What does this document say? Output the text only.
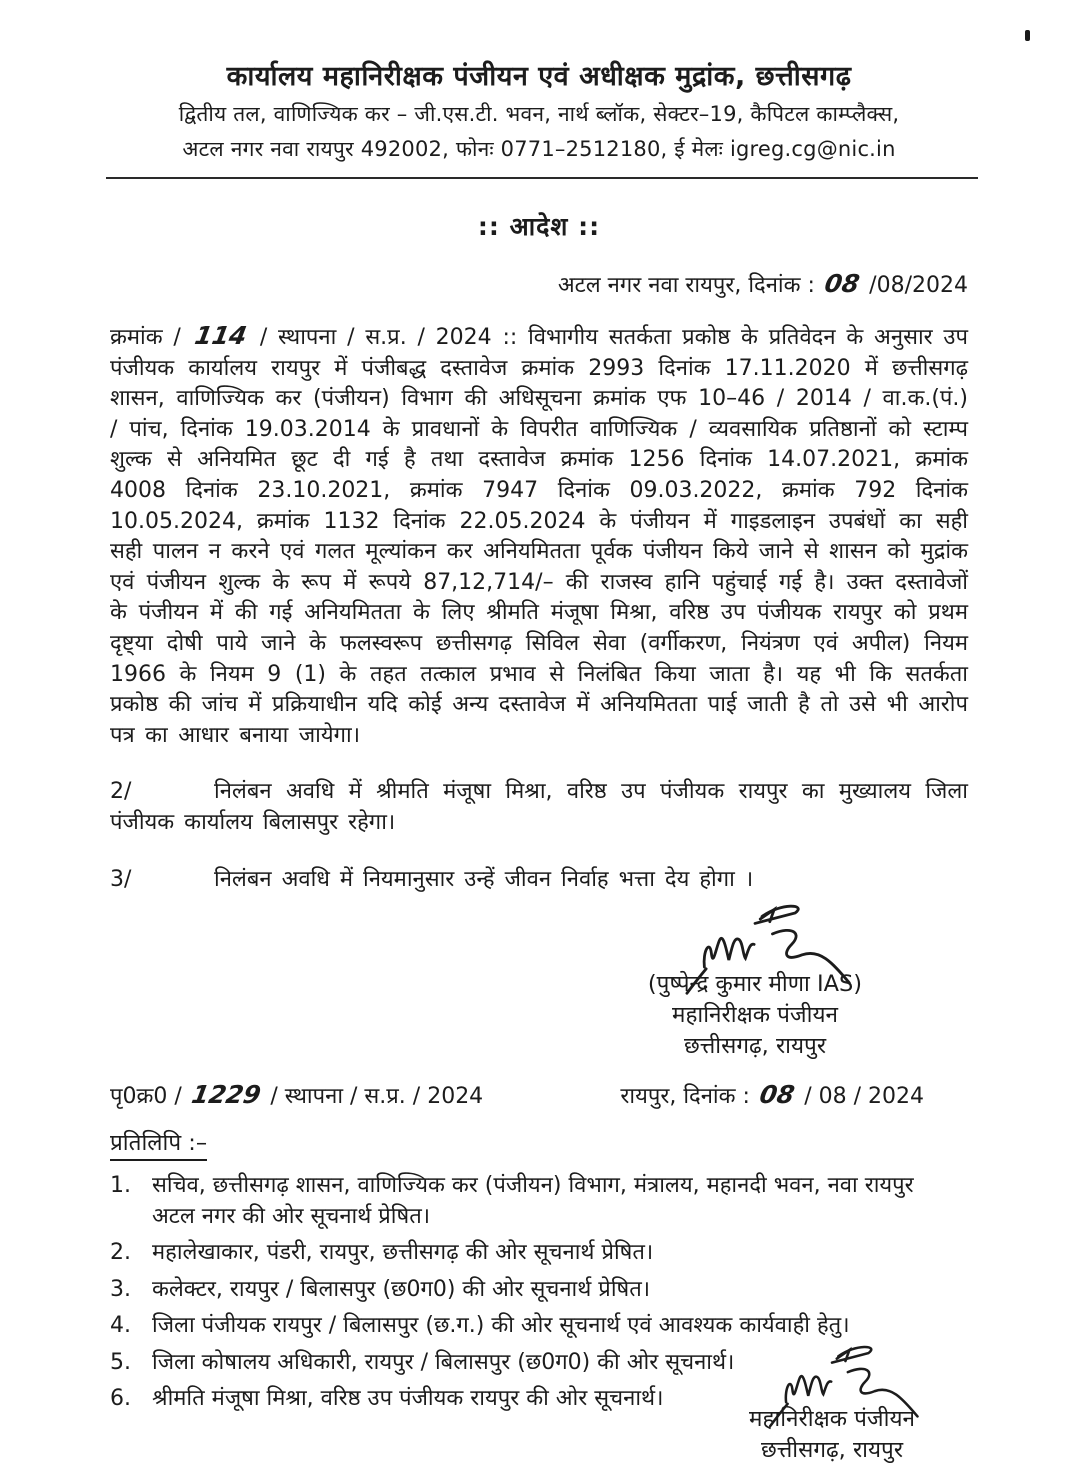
कार्यालय महानिरीक्षक पंजीयन एवं अधीक्षक मुद्रांक, छत्तीसगढ़
द्वितीय तल, वाणिज्यिक कर – जी.एस.टी. भवन, नार्थ ब्लॉक, सेक्टर–19, कैपिटल काम्प्लैक्स,
अटल नगर नवा रायपुर 492002, फोनः 0771–2512180, ई मेलः igreg.cg@nic.in
:: आदेश ::
अटल नगर नवा रायपुर, दिनांक : 08 /08/2024
क्रमांक / 114 / स्थापना / स.प्र. / 2024 :: विभागीय सतर्कता प्रकोष्ठ के प्रतिवेदन के अनुसार उप पंजीयक कार्यालय रायपुर में पंजीबद्ध दस्तावेज क्रमांक 2993 दिनांक 17.11.2020 में छत्तीसगढ़ शासन, वाणिज्यिक कर (पंजीयन) विभाग की अधिसूचना क्रमांक एफ 10–46 / 2014 / वा.क.(पं.) / पांच, दिनांक 19.03.2014 के प्रावधानों के विपरीत वाणिज्यिक / व्यवसायिक प्रतिष्ठानों को स्टाम्प शुल्क से अनियमित छूट दी गई है तथा दस्तावेज क्रमांक 1256 दिनांक 14.07.2021, क्रमांक 4008 दिनांक 23.10.2021, क्रमांक 7947 दिनांक 09.03.2022, क्रमांक 792 दिनांक 10.05.2024, क्रमांक 1132 दिनांक 22.05.2024 के पंजीयन में गाइडलाइन उपबंधों का सही सही पालन न करने एवं गलत मूल्यांकन कर अनियमितता पूर्वक पंजीयन किये जाने से शासन को मुद्रांक एवं पंजीयन शुल्क के रूप में रूपये 87,12,714/– की राजस्व हानि पहुंचाई गई है। उक्त दस्तावेजों के पंजीयन में की गई अनियमितता के लिए श्रीमति मंजूषा मिश्रा, वरिष्ठ उप पंजीयक रायपुर को प्रथम दृष्ट्या दोषी पाये जाने के फलस्वरूप छत्तीसगढ़ सिविल सेवा (वर्गीकरण, नियंत्रण एवं अपील) नियम 1966 के नियम 9 (1) के तहत तत्काल प्रभाव से निलंबित किया जाता है। यह भी कि सतर्कता प्रकोष्ठ की जांच में प्रक्रियाधीन यदि कोई अन्य दस्तावेज में अनियमितता पाई जाती है तो उसे भी आरोप पत्र का आधार बनाया जायेगा।
2/	निलंबन अवधि में श्रीमति मंजूषा मिश्रा, वरिष्ठ उप पंजीयक रायपुर का मुख्यालय जिला पंजीयक कार्यालय बिलासपुर रहेगा।
3/	निलंबन अवधि में नियमानुसार उन्हें जीवन निर्वाह भत्ता देय होगा ।
(पुष्पेन्द्र कुमार मीणा IAS)
महानिरीक्षक पंजीयन
छत्तीसगढ़, रायपुर
पृ0क्र0 / 1229 / स्थापना / स.प्र. / 2024	रायपुर, दिनांक : 08 / 08 / 2024
प्रतिलिपि :–
1. सचिव, छत्तीसगढ़ शासन, वाणिज्यिक कर (पंजीयन) विभाग, मंत्रालय, महानदी भवन, नवा रायपुर अटल नगर की ओर सूचनार्थ प्रेषित।
2. महालेखाकार, पंडरी, रायपुर, छत्तीसगढ़ की ओर सूचनार्थ प्रेषित।
3. कलेक्टर, रायपुर / बिलासपुर (छ0ग0) की ओर सूचनार्थ प्रेषित।
4. जिला पंजीयक रायपुर / बिलासपुर (छ.ग.) की ओर सूचनार्थ एवं आवश्यक कार्यवाही हेतु।
5. जिला कोषालय अधिकारी, रायपुर / बिलासपुर (छ0ग0) की ओर सूचनार्थ।
6. श्रीमति मंजूषा मिश्रा, वरिष्ठ उप पंजीयक रायपुर की ओर सूचनार्थ।
महानिरीक्षक पंजीयन
छत्तीसगढ़, रायपुर
